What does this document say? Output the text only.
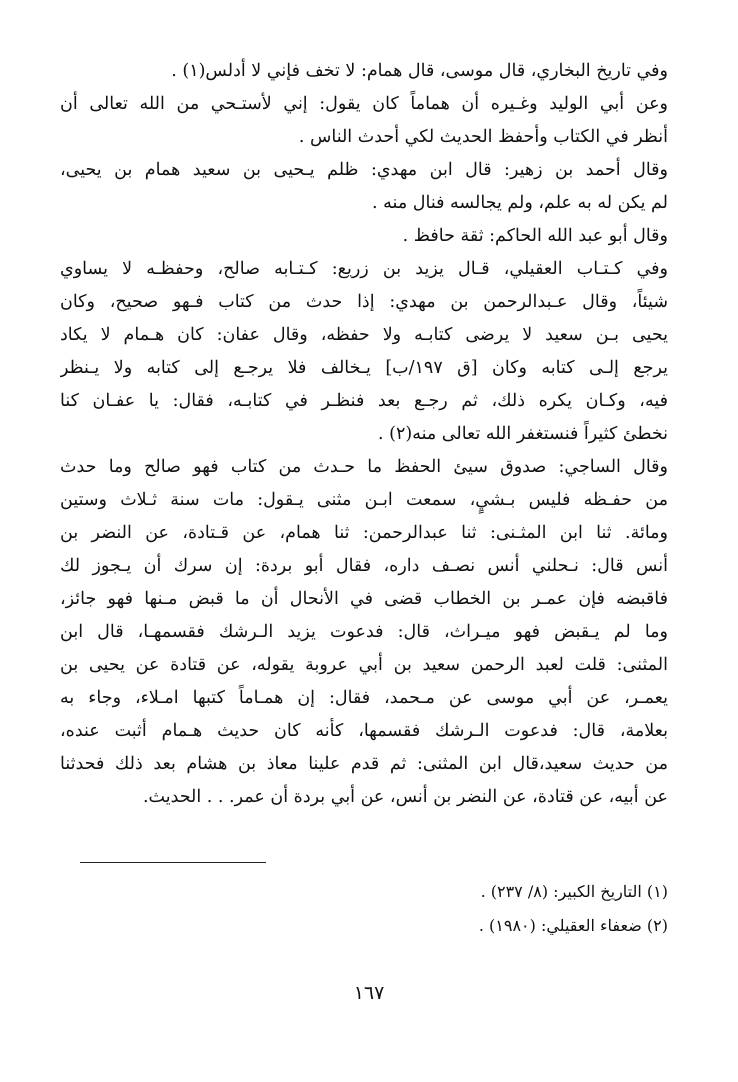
وفي تاريخ البخاري، قال موسى، قال همام: لا تخف فإني لا أدلس(١) .
وعن أبي الوليد وغـيره أن هماماً كان يقول: إني لأستـحي من الله تعالى أن
أنظر في الكتاب وأحفظ الحديث لكي أحدث الناس .
وقال أحمد بن زهير: قال ابن مهدي: ظلم يـحيى بن سعيد همام بن يحيى،
لم يكن له به علم، ولم يجالسه فنال منه .
وقال أبو عبد الله الحاكم: ثقة حافظ .
وفي كـتـاب العقيلي، قـال يزيد بن زريع: كـتـابه صالح، وحفظـه لا يساوي
شيئاً، وقال عـبدالرحمن بن مهدي: إذا حدث من كتاب فـهو صحيح، وكان
يحيى بـن سعيد لا يرضى كتابـه ولا حفظه، وقال عفان: كان هـمام لا يكاد
يرجع إلـى كتابه وكان [ق ١٩٧/ب] يـخالف فلا يرجـع إلى كتابه ولا يـنظر
فيه، وكـان يكره ذلك، ثم رجـع بعد فنظـر في كتابـه، فقال: يا عفـان كنا
نخطئ كثيراً فنستغفر الله تعالى منه(٢) .
وقال الساجي: صدوق سيئ الحفظ ما حـدث من كتاب فهو صالح وما حدث
من حفـظه فليس بـشيٍ، سمعت ابـن مثنى يـقول: مات سنة ثـلاث وستين
ومائة. ثنا ابن المثـنى: ثنا عبدالرحمن: ثنا همام، عن قـتادة، عن النضر بن
أنس قال: نـحلني أنس نصـف داره، فقال أبو بردة: إن سرك أن يـجوز لك
فاقبضه فإن عمـر بن الخطاب قضى في الأنحال أن ما قبض مـنها فهو جائز،
وما لم يـقبض فهو ميـراث، قال: فدعوت يزيد الـرشك فقسمهـا، قال ابن
المثنى: قلت لعبد الرحمن سعيد بن أبي عروبة يقوله، عن قتادة عن يحيى بن
يعمـر، عن أبي موسى عن مـحمد، فقال: إن همـاماً كتبها امـلاء، وجاء به
بعلامة، قال: فدعوت الـرشك فقسمها، كأنه كان حديث هـمام أثبت عنده،
من حديث سعيد،قال ابن المثنى: ثم قدم علينا معاذ بن هشام بعد ذلك فحدثنا
عن أبيه، عن قتادة، عن النضر بن أنس، عن أبي بردة أن عمر. . . الحديث.
(١) التاريخ الكبير: (٨/ ٢٣٧) .
(٢) ضعفاء العقيلي: (١٩٨٠) .
١٦٧
